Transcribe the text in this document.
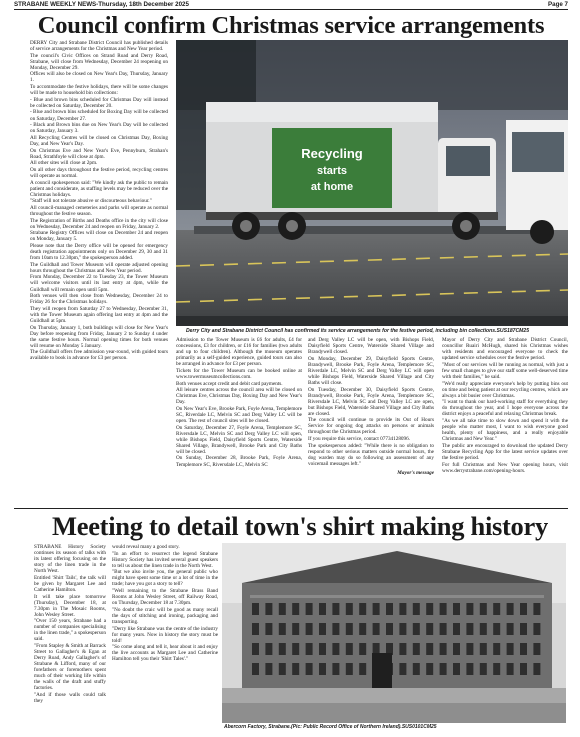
STRABANE WEEKLY NEWS-Thursday, 18th December 2025	Page 7
Council confirm Christmas service arrangements

DERRY City and Strabane District Council has published details of service arrangements for the Christmas and New Year period.

The council's Civic Offices on Strand Road and Derry Road, Strabane, will close from Wednesday, December 24 reopening on Monday, December 29.

Offices will also be closed on New Year's Day, Thursday, January 1.

To accommodate the festive holidays, there will be some changes will be made to household bin collections:

- Blue and brown bins scheduled for Christmas Day will instead be collected on Saturday, December 20.

- Blue and brown bins scheduled for Boxing Day will be collected on Saturday, December 27.

- Black and Brown bins due on New Year's Day will be collected on Saturday, January 3.

All Recycling Centres will be closed on Christmas Day, Boxing Day, and New Year's Day.

On Christmas Eve and New Year's Eve, Pennyburn, Strahan's Road, Strathfoyle will close at 4pm.

All other sites will close at 2pm.

On all other days throughout the festive period, recycling centres will operate as normal.

A council spokesperson said: "We kindly ask the public to remain patient and considerate, as staffing levels may be reduced over the Christmas holidays.

"Staff will not tolerate abusive or discourteous behaviour."

All council-managed cemeteries and parks will operate as normal throughout the festive season.

The Registration of Births and Deaths office in the city will close on Wednesday, December 24 and reopen on Friday, January 2.

Strabane Registry Offices will close on December 24 and reopen on Monday, January 5.

Please note that the Derry office will be opened for emergency death registration appointments only on December 29, 30 and 31 from 10am to 12.30pm," the spokesperson added.

The Guildhall and Tower Museum will operate adjusted opening hours throughout the Christmas and New Year period.

From Monday, December 22 to Tuesday 23, the Tower Museum will welcome visitors until its last entry at 4pm, while the Guildhall will remain open until 5pm.

Both venues will then close from Wednesday, December 24 to Friday 26 for the Christmas holidays.

They will reopen from Saturday 27 to Wednesday, December 31, with the Tower Museum again offering last entry at 4pm and the Guildhall at 5pm.

On Thursday, January 1, both buildings will close for New Year's Day before reopening from Friday, January 2 to Sunday 4 under the same festive hours. Normal opening times for both venues will resume on Monday 5 January.

The Guildhall offers free admission year-round, with guided tours available to book in advance for £3 per person.

Recycling
starts
at home
Derry City and Strabane District Council has confirmed its service arrangements for the festive period, including bin collections.SUS187CM25

Admission to the Tower Museum is £6 for adults, £4 for concessions, £3 for children, or £16 for families (two adults and up to four children). Although the museum operates primarily as a self-guided experience, guided tours can also be arranged in advance for £3 per person.

Tickets for the Tower Museum can be booked online at www.towermuseumcollections.com.

Both venues accept credit and debit card payments.

All leisure centres across the council area will be closed on Christmas Eve, Christmas Day, Boxing Day and New Year's Day.

On New Year's Eve, Brooke Park, Foyle Arena, Templemore SC, Riverdale LC, Melvin SC and Derg Valley LC will be open. The rest of council sites will be closed.

On Saturday, December 27, Foyle Arena, Templemore SC, Riversdale LC, Melvin SC and Derg Valley LC will open, while Bishops Field, Daisyfield Sports Centre, Waterside Shared Village, Brandywell, Brooke Park and City Baths will be closed.

On Sunday, December 28, Brooke Park, Foyle Arena, Templemore SC, Riversdale LC, Melvin SC

and Derg Valley LC will be open, with Bishops Field, Daisyfield Sports Centre, Waterside Shared Village and Brandywell closed.

On Monday, December 29, Daisyfield Sports Centre, Brandywell, Brooke Park, Foyle Arena, Templemore SC, Riverdale LC, Melvin SC and Derg Valley LC will open while Bishops Field, Waterside Shared Village and City Baths will close.

On Tuesday, December 30, Daisyfield Sports Centre, Brandywell, Brooke Park, Foyle Arena, Templemore SC, Riversdale LC, Melvin SC and Derg Valley LC are open, but Bishops Field, Waterside Shared Village and City Baths are closed.

The council will continue to provide its Out of Hours Service for ongoing dog attacks on persons or animals throughout the Christmas period.

If you require this service, contact 07734128096.

The spokesperson added: "While there is no obligation to respond to other serious matters outside normal hours, the dog warden may do so following an assessment of any voicemail messages left."

Mayor's message

Mayor of Derry City and Strabane District Council, councillor Ruairi McHugh, shared his Christmas wishes with residents and encouraged everyone to check the updated service schedules over the festive period.

"Most of our services will be running as normal, with just a few small changes to give our staff some well-deserved time with their families," he said.

"We'd really appreciate everyone's help by putting bins out on time and being patient at our recycling centres, which are always a bit busier over Christmas.

"I want to thank our hard-working staff for everything they do throughout the year, and I hope everyone across the district enjoys a peaceful and relaxing Christmas break.

"As we all take time to slow down and spend it with the people who matter most, I want to wish everyone good health, plenty of happiness, and a really enjoyable Christmas and New Year."

The public are encouraged to download the updated Derry Strabane Recycling App for the latest service updates over the festive period.

For full Christmas and New Year opening hours, visit www.derrystrabane.com/opening-hours.

Meeting to detail town's shirt making history

STRABANE History Society continues its season of talks with its latest offering focusing on the story of the linen trade in the North West.

Entitled 'Shirt Tails', the talk will be given by Margaret Lee and Catherine Hamilton.

It will take place tomorrow (Thursday), December 18, at 7.30pm in The Mosaic Rooms, John Wesley Street.

"Over 150 years, Strabane had a number of companies specialising in the linen trade," a spokesperson said.

"From Stapley & Smith at Barrack Street to Gallagher's & Egan at Derry Road, Andy Gallagher's of Strabane & Lifford, many of our forefathers or foremothers spent much of their working life within the walls of the draft and stuffy factories.

"And if those walls could talk they

would reveal many a good story.

"In an effort to resurrect the legend Strabane History Society has invited several guest speakers to tell us about the linen trade in the North West.

"But we also invite you, the general public who might have spent some time or a lot of time in the trade; have you got a story to tell?

"Well remaining to the Strabane Brass Band Rooms at John Wesley Street, off Railway Road, on Thursday, December 18 at 7.30pm.

"No doubt the craic will be good as many recall the days of stitching and ironing, packaging and transporting.

"Derry like Strabane was the centre of the industry for many years. Now in history the story must be told!

"So come along and tell it, hear about it and enjoy the live accounts as Margaret Lee and Catherine Hamilton tell you their 'Shirt Tales'."

Abercorn Factory, Strabane.(Pic: Public Record Office of Northern Ireland).SUS0101CM25
